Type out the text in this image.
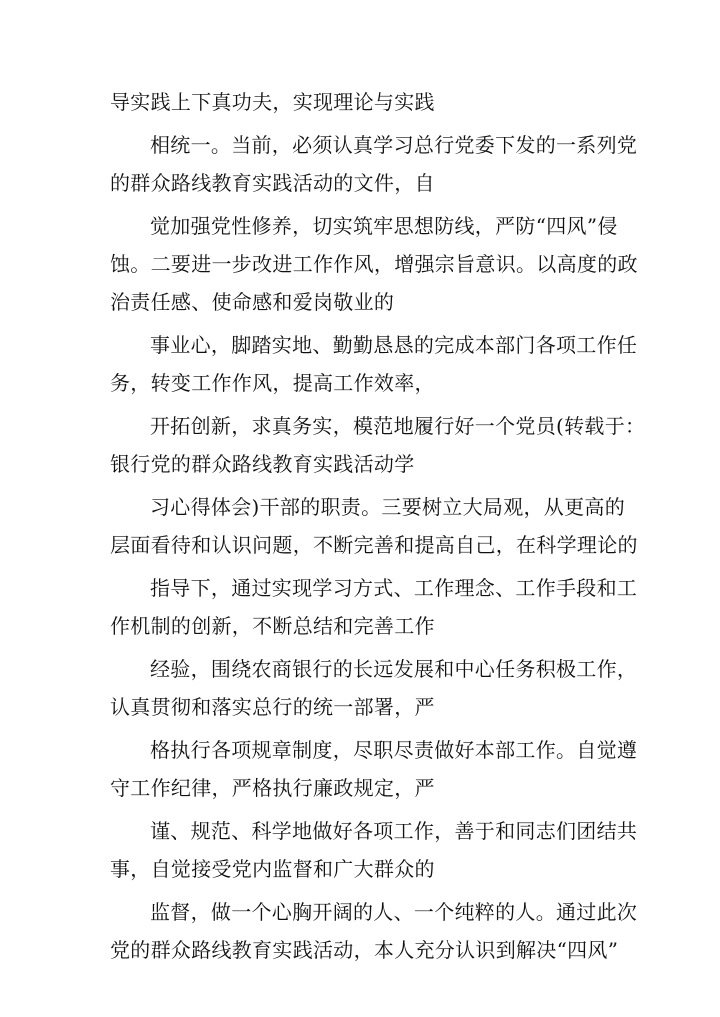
导实践上下真功夫，实现理论与实践
相统一。当前，必须认真学习总行党委下发的一系列党
的群众路线教育实践活动的文件，自
觉加强党性修养，切实筑牢思想防线，严防“四风”侵
蚀。二要进一步改进工作作风，增强宗旨意识。以高度的政
治责任感、使命感和爱岗敬业的
事业心，脚踏实地、勤勤恳恳的完成本部门各项工作任
务，转变工作作风，提高工作效率，
开拓创新，求真务实，模范地履行好一个党员(转载于：
银行党的群众路线教育实践活动学
习心得体会)干部的职责。三要树立大局观，从更高的
层面看待和认识问题，不断完善和提高自己，在科学理论的
指导下，通过实现学习方式、工作理念、工作手段和工
作机制的创新，不断总结和完善工作
经验，围绕农商银行的长远发展和中心任务积极工作，
认真贯彻和落实总行的统一部署，严
格执行各项规章制度，尽职尽责做好本部工作。自觉遵
守工作纪律，严格执行廉政规定，严
谨、规范、科学地做好各项工作，善于和同志们团结共
事，自觉接受党内监督和广大群众的
监督，做一个心胸开阔的人、一个纯粹的人。通过此次
党的群众路线教育实践活动，本人充分认识到解决“四风”
